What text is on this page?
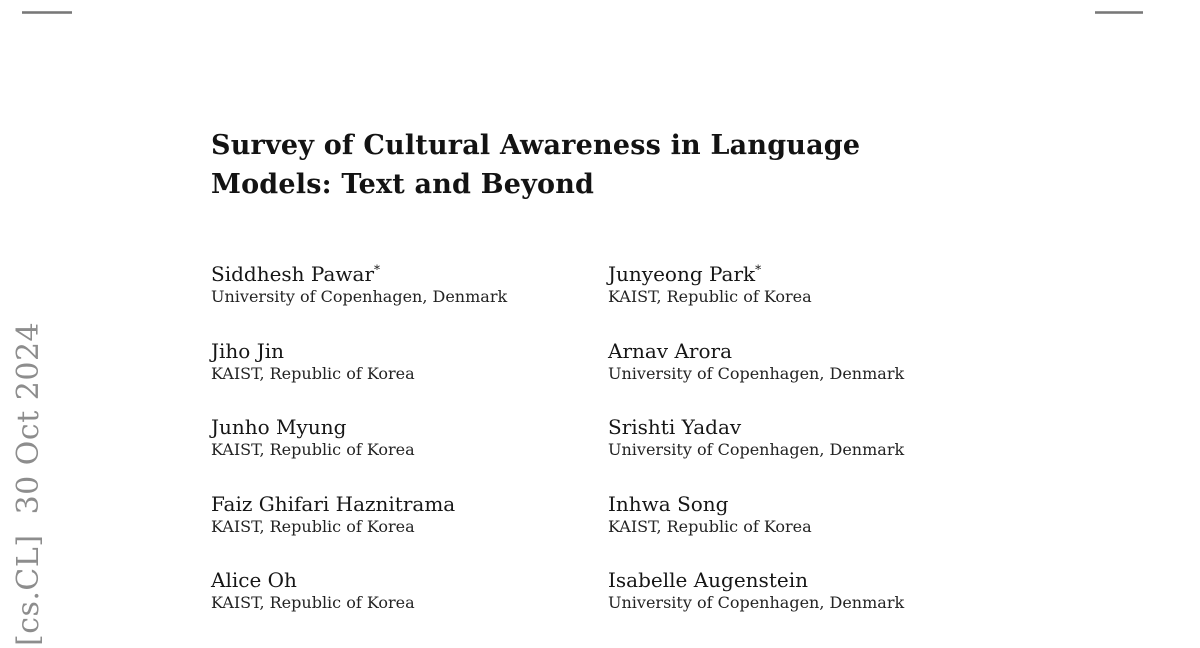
[cs.CL]  30 Oct 2024
Survey of Cultural Awareness in Language
Models: Text and Beyond
Siddhesh Pawar*
University of Copenhagen, Denmark
Junyeong Park*
KAIST, Republic of Korea
Jiho Jin
KAIST, Republic of Korea
Arnav Arora
University of Copenhagen, Denmark
Junho Myung
KAIST, Republic of Korea
Srishti Yadav
University of Copenhagen, Denmark
Faiz Ghifari Haznitrama
KAIST, Republic of Korea
Inhwa Song
KAIST, Republic of Korea
Alice Oh
KAIST, Republic of Korea
Isabelle Augenstein
University of Copenhagen, Denmark
